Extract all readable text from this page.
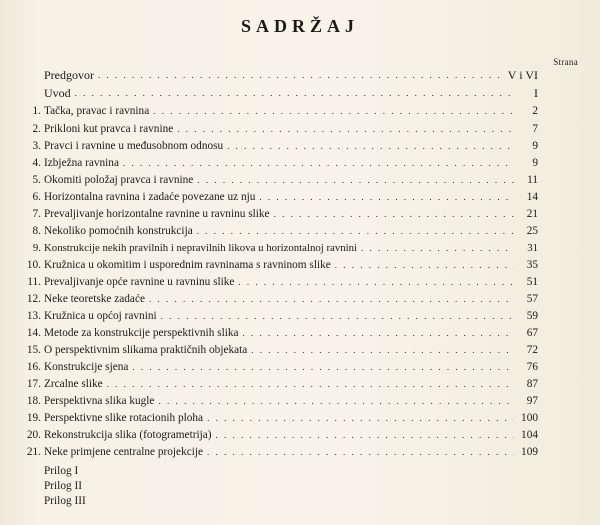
SADRŽAJ
Strana
Predgovor . . .	V i VI
Uvod . . .	I
1. Tačka, pravac i ravnina . . .	2
2. Prikloni kut pravca i ravnine . . .	7
3. Pravci i ravnine u međusobnom odnosu . . .	9
4. Izbježna ravnina . . .	9
5. Okomiti položaj pravca i ravnine . . .	11
6. Horizontalna ravnina i zadaće povezane uz nju . . .	14
7. Prevaljivanje horizontalne ravnine u ravninu slike . . .	21
8. Nekoliko pomoćnih konstrukcija . . .	25
9. Konstrukcije nekih pravilnih i nepravilnih likova u horizontalnoj ravnini . . .	31
10. Kružnica u okomitim i usporednim ravninama s ravninom slike . . .	35
11. Prevaljivanje opće ravnine u ravninu slike . . .	51
12. Neke teoretske zadaće . . .	57
13. Kružnica u općoj ravnini . . .	59
14. Metode za konstrukcije perspektivnih slika . . .	67
15. O perspektivnim slikama praktičnih objekata . . .	72
16. Konstrukcije sjena . . .	76
17. Zrcalne slike . . .	87
18. Perspektivna slika kugle . . .	97
19. Perspektivne slike rotacionih ploha . . .	100
20. Rekonstrukcija slika (fotogrametrija) . . .	104
21. Neke primjene centralne projekcije . . .	109
Prilog I
Prilog II
Prilog III
